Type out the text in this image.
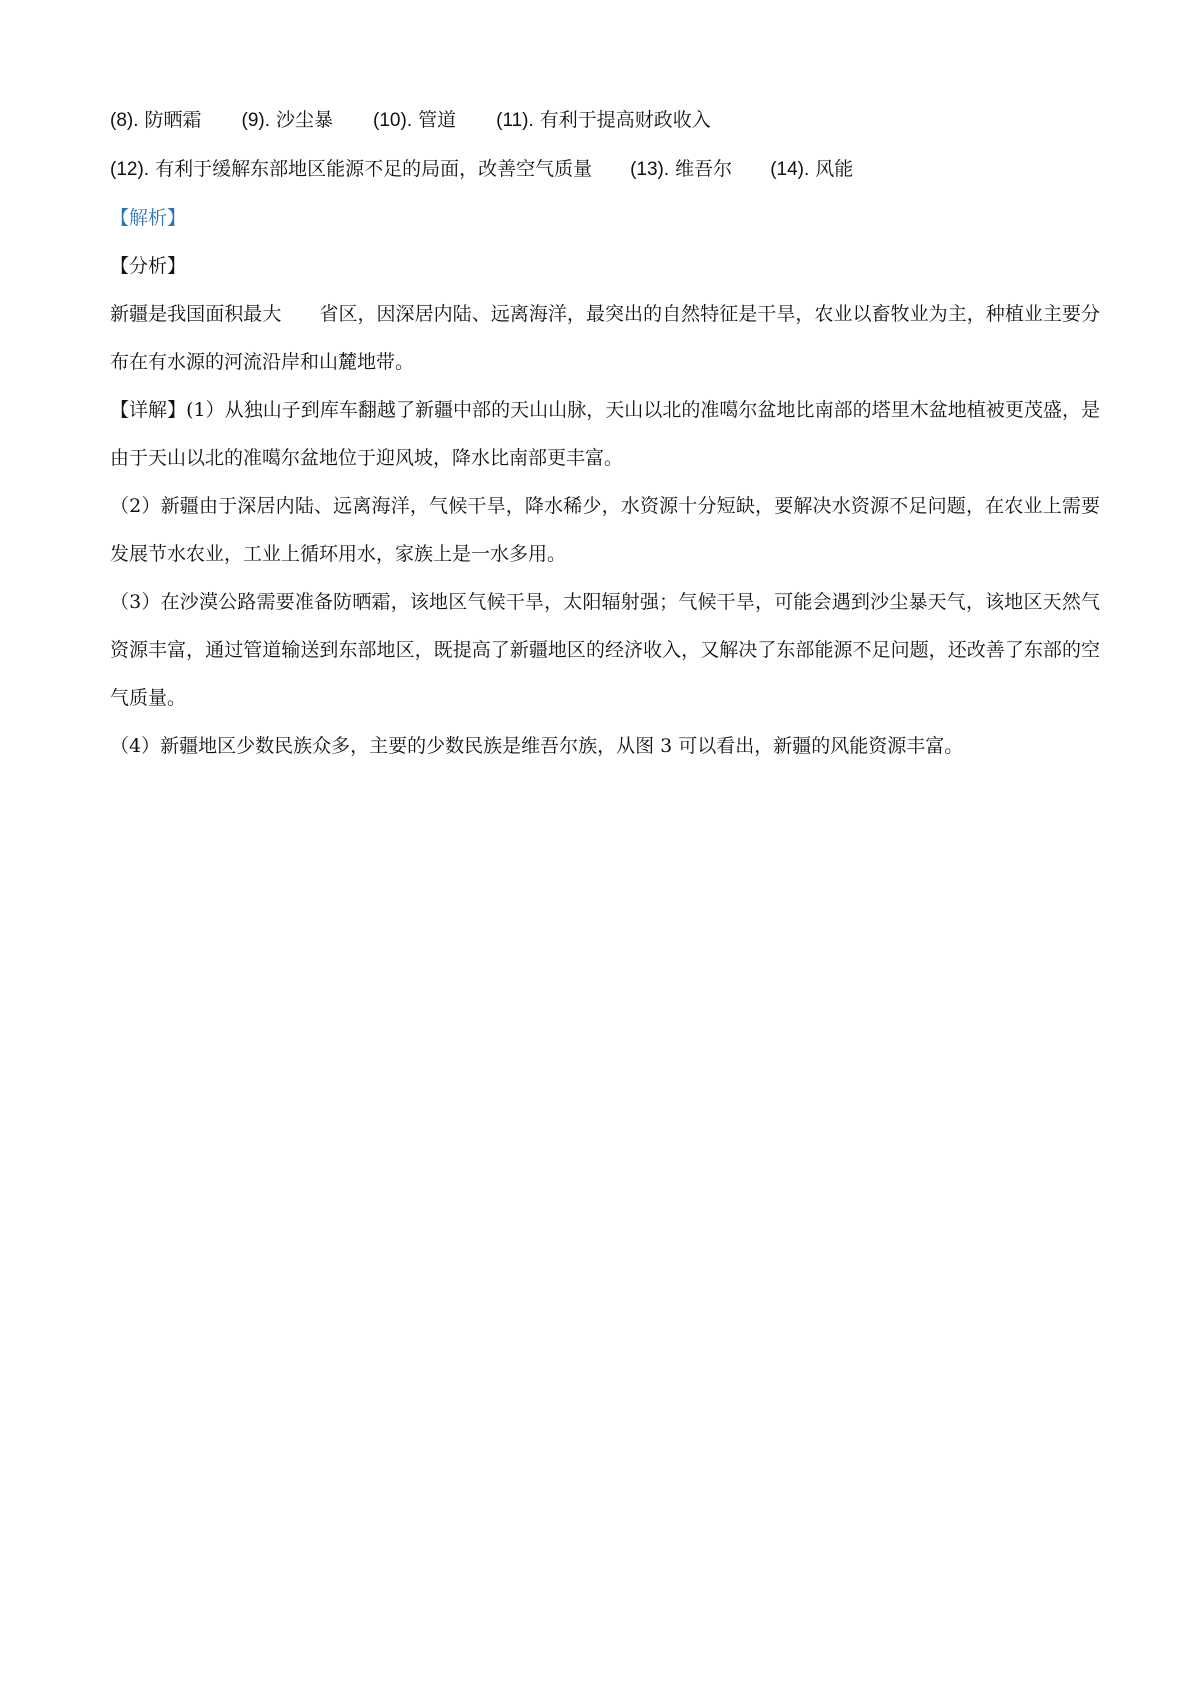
(8). 防晒霜 (9). 沙尘暴 (10). 管道 (11). 有利于提高财政收入

(12). 有利于缓解东部地区能源不足的局面，改善空气质量 (13). 维吾尔 (14). 风能

【解析】

【分析】

新疆是我国面积最大 省区，因深居内陆、远离海洋，最突出的自然特征是干旱，农业以畜牧业为主，种植业主要分布在有水源的河流沿岸和山麓地带。

【详解】(1）从独山子到库车翻越了新疆中部的天山山脉，天山以北的准噶尔盆地比南部的塔里木盆地植被更茂盛，是由于天山以北的准噶尔盆地位于迎风坡，降水比南部更丰富。

（2）新疆由于深居内陆、远离海洋，气候干旱，降水稀少，水资源十分短缺，要解决水资源不足问题，在农业上需要发展节水农业，工业上循环用水，家族上是一水多用。

（3）在沙漠公路需要准备防晒霜，该地区气候干旱，太阳辐射强；气候干旱，可能会遇到沙尘暴天气，该地区天然气资源丰富，通过管道输送到东部地区，既提高了新疆地区的经济收入，又解决了东部能源不足问题，还改善了东部的空气质量。

（4）新疆地区少数民族众多，主要的少数民族是维吾尔族，从图 3 可以看出，新疆的风能资源丰富。
